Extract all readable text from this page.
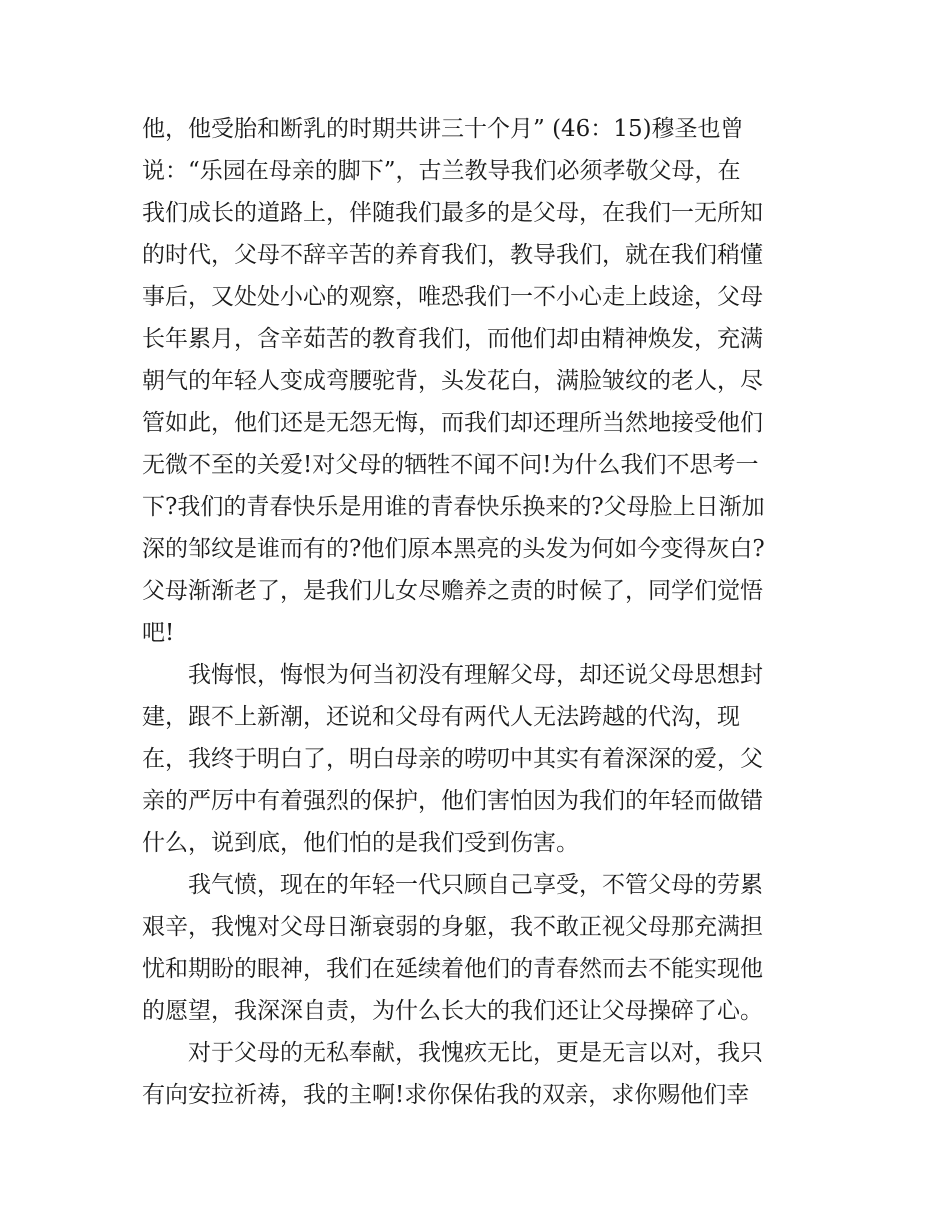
他，他受胎和断乳的时期共讲三十个月” (46：15)穆圣也曾
说：“乐园在母亲的脚下”，古兰教导我们必须孝敬父母，在
我们成长的道路上，伴随我们最多的是父母，在我们一无所知
的时代，父母不辞辛苦的养育我们，教导我们，就在我们稍懂
事后，又处处小心的观察，唯恐我们一不小心走上歧途，父母
长年累月，含辛茹苦的教育我们，而他们却由精神焕发，充满
朝气的年轻人变成弯腰驼背，头发花白，满脸皱纹的老人，尽
管如此，他们还是无怨无悔，而我们却还理所当然地接受他们
无微不至的关爱!对父母的牺牲不闻不问!为什么我们不思考一
下?我们的青春快乐是用谁的青春快乐换来的?父母脸上日渐加
深的邹纹是谁而有的?他们原本黑亮的头发为何如今变得灰白?
父母渐渐老了，是我们儿女尽赡养之责的时候了，同学们觉悟
吧!
我悔恨，悔恨为何当初没有理解父母，却还说父母思想封
建，跟不上新潮，还说和父母有两代人无法跨越的代沟，现
在，我终于明白了，明白母亲的唠叨中其实有着深深的爱，父
亲的严厉中有着强烈的保护，他们害怕因为我们的年轻而做错
什么，说到底，他们怕的是我们受到伤害。
我气愤，现在的年轻一代只顾自己享受，不管父母的劳累
艰辛，我愧对父母日渐衰弱的身躯，我不敢正视父母那充满担
忧和期盼的眼神，我们在延续着他们的青春然而去不能实现他
的愿望，我深深自责，为什么长大的我们还让父母操碎了心。
对于父母的无私奉献，我愧疚无比，更是无言以对，我只
有向安拉祈祷，我的主啊!求你保佑我的双亲，求你赐他们幸
